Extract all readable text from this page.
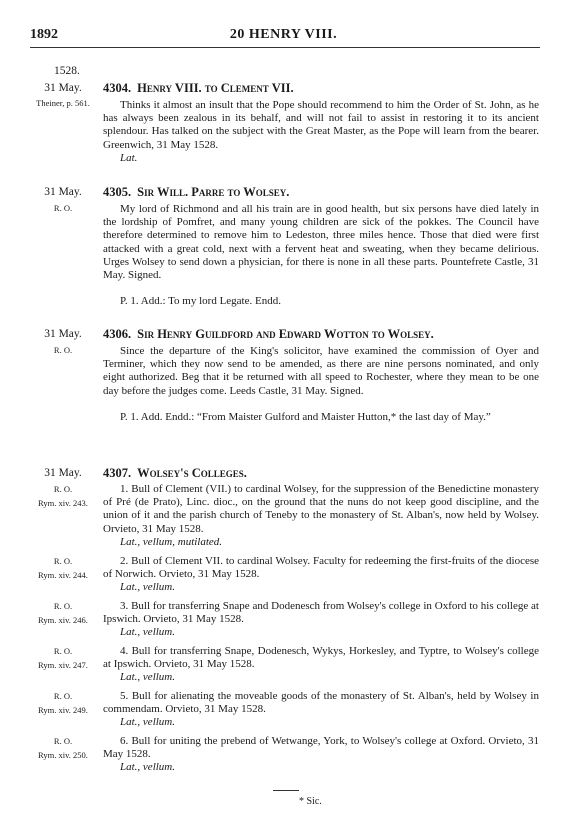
1892	20 HENRY VIII.
1528.
31 May.
Theiner, p. 561.
4304. Henry VIII. to Clement VII.
Thinks it almost an insult that the Pope should recommend to him the Order of St. John, as he has always been zealous in its behalf, and will not fail to assist in restoring it to its ancient splendour. Has talked on the subject with the Great Master, as the Pope will learn from the bearer. Greenwich, 31 May 1528.
Lat.
31 May.
R. O.
4305. Sir Will. Parre to Wolsey.
My lord of Richmond and all his train are in good health, but six persons have died lately in the lordship of Pomfret, and many young children are sick of the pokkes. The Council have therefore determined to remove him to Ledeston, three miles hence. Those that died were first attacked with a great cold, next with a fervent heat and sweating, when they became delirious. Urges Wolsey to send down a physician, for there is none in all these parts. Pountefrete Castle, 31 May. Signed.
P. 1. Add.: To my lord Legate. Endd.
31 May.
R. O.
4306. Sir Henry Guildford and Edward Wotton to Wolsey.
Since the departure of the King's solicitor, have examined the commission of Oyer and Terminer, which they now send to be amended, as there are nine persons nominated, and only eight authorized. Beg that it be returned with all speed to Rochester, where they mean to be one day before the judges come. Leeds Castle, 31 May. Signed.
P. 1. Add. Endd.: “From Maister Gulford and Maister Hutton,* the last day of May.”
31 May.	4307. Wolsey's Colleges.
R. O.
Rym. xiv. 243.
1. Bull of Clement (VII.) to cardinal Wolsey, for the suppression of the Benedictine monastery of Pré (de Prato), Linc. dioc., on the ground that the nuns do not keep good discipline, and the union of it and the parish church of Teneby to the monastery of St. Alban's, now held by Wolsey. Orvieto, 31 May 1528.
Lat., vellum, mutilated.
R. O.
Rym. xiv. 244.
2. Bull of Clement VII. to cardinal Wolsey. Faculty for redeeming the first-fruits of the diocese of Norwich. Orvieto, 31 May 1528.
Lat., vellum.
R. O.
Rym. xiv. 246.
3. Bull for transferring Snape and Dodenesch from Wolsey's college in Oxford to his college at Ipswich. Orvieto, 31 May 1528.
Lat., vellum.
R. O.
Rym. xiv. 247.
4. Bull for transferring Snape, Dodenesch, Wykys, Horkesley, and Typtre, to Wolsey's college at Ipswich. Orvieto, 31 May 1528.
Lat., vellum.
R. O.
Rym. xiv. 249.
5. Bull for alienating the moveable goods of the monastery of St. Alban's, held by Wolsey in commendam. Orvieto, 31 May 1528.
Lat., vellum.
R. O.
Rym. xiv. 250.
6. Bull for uniting the prebend of Wetwange, York, to Wolsey's college at Oxford. Orvieto, 31 May 1528.
Lat., vellum.
* Sic.
